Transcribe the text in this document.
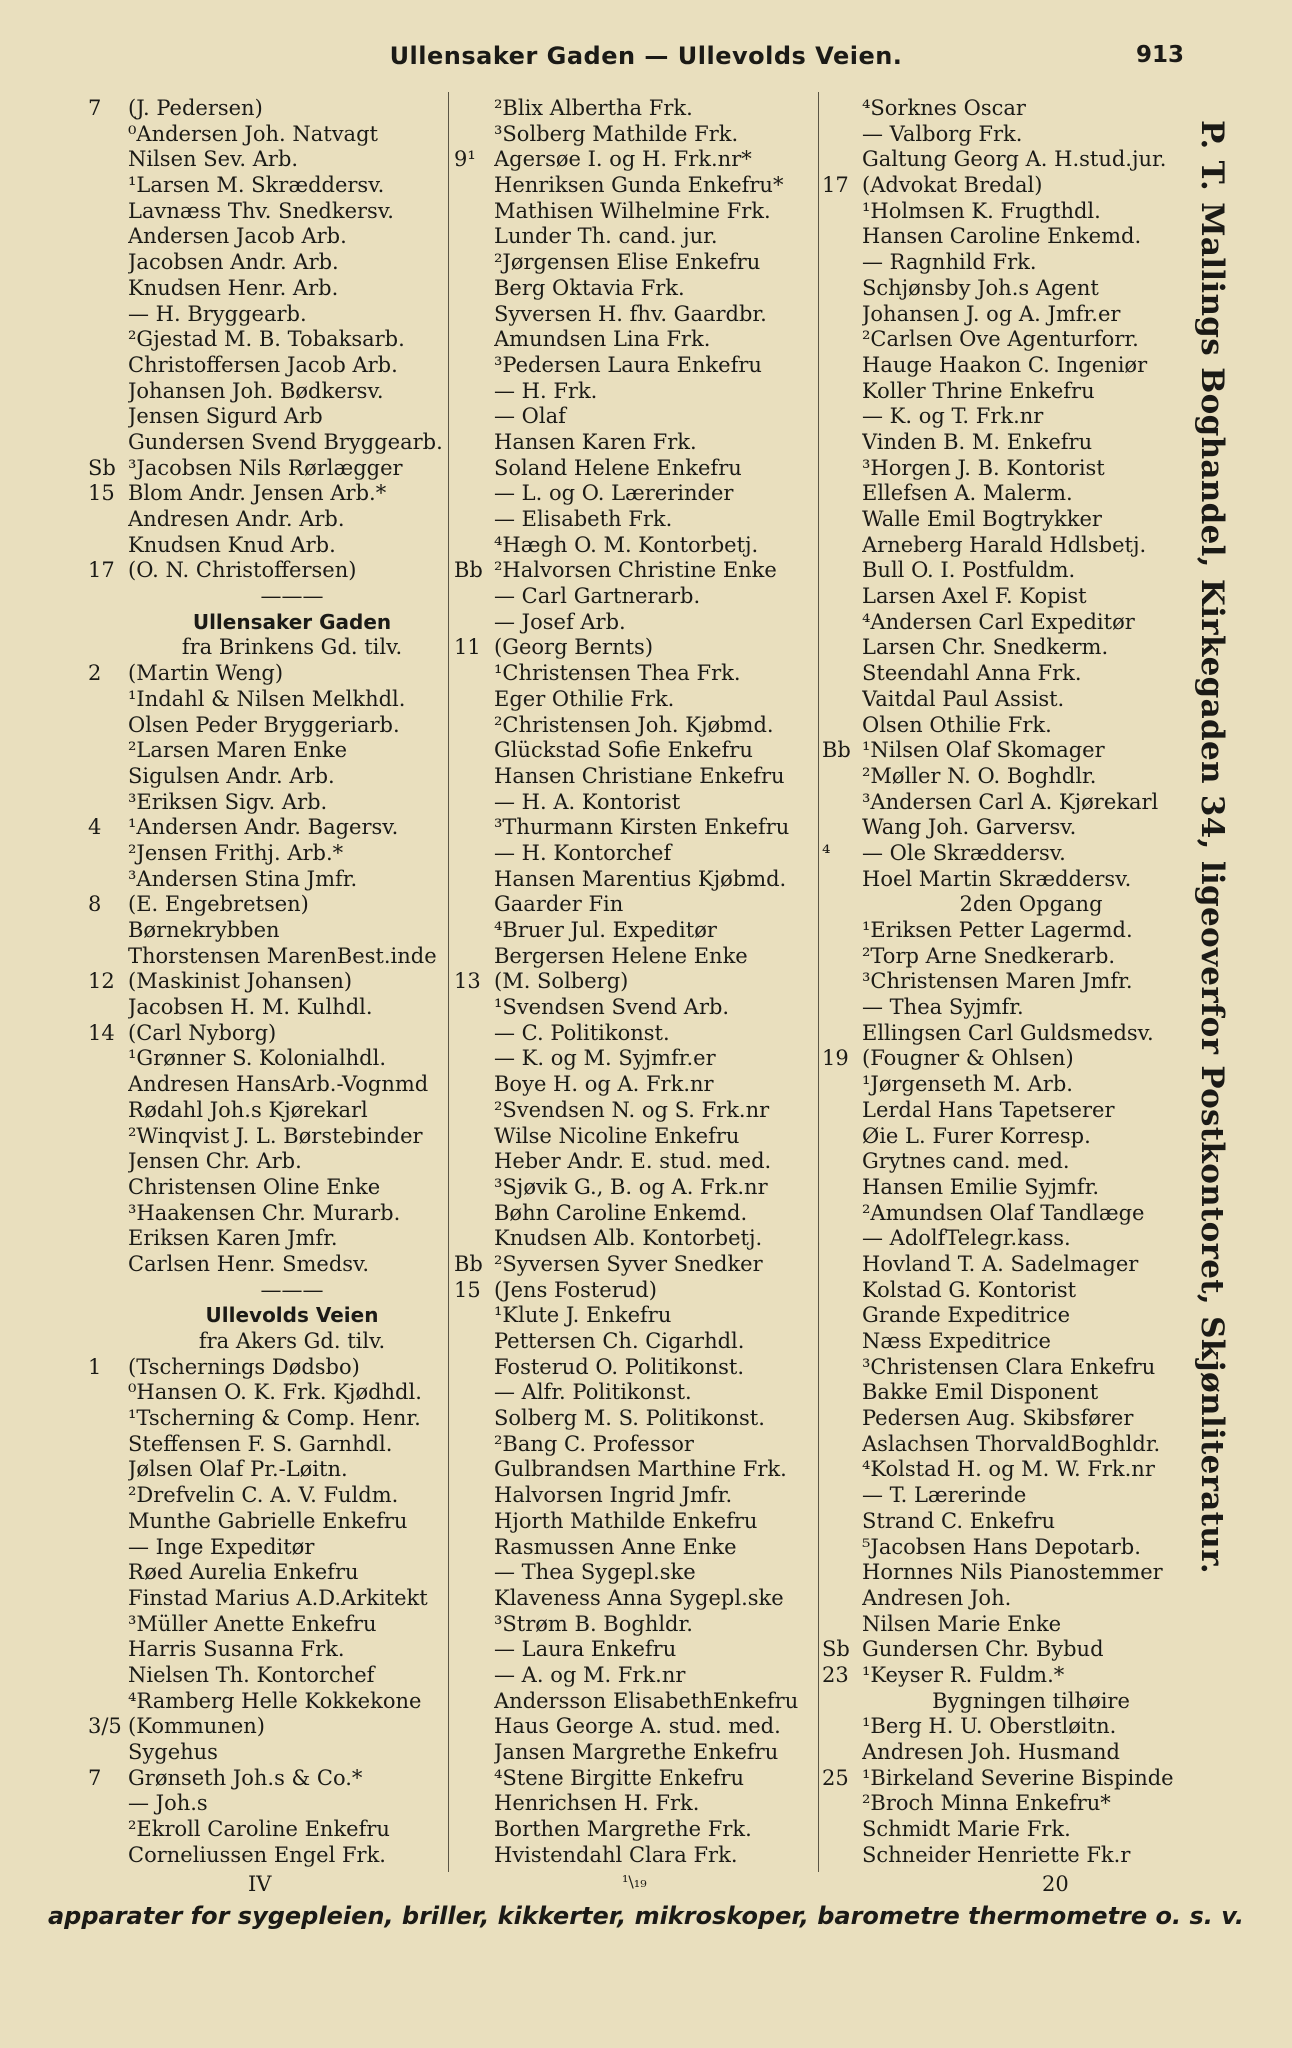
Ullensaker Gaden — Ullevolds Veien.	913
7	(J. Pedersen)
⁰Andersen Joh. Natvagt
Nilsen Sev. Arb.
¹Larsen M. Skræddersv.
Lavnæss Thv. Snedkersv.
Andersen Jacob Arb.
Jacobsen Andr. Arb.
Knudsen Henr. Arb.
— H. Bryggearb.
²Gjestad M. B. Tobaksarb.
Christoffersen Jacob Arb.
Johansen Joh. Bødkersv.
Jensen Sigurd Arb
Gundersen Svend Bryggearb.
Sb ³Jacobsen Nils Rørlægger
15 Blom Andr. Jensen Arb.*
Andresen Andr. Arb.
Knudsen Knud Arb.
17 (O. N. Christoffersen)
———
Ullensaker Gaden
fra Brinkens Gd. tilv.
2	(Martin Weng)
¹Indahl & Nilsen Melkhdl.
Olsen Peder Bryggeriarb.
²Larsen Maren Enke
Sigulsen Andr. Arb.
³Eriksen Sigv. Arb.
4	¹Andersen Andr. Bagersv.
²Jensen Frithj. Arb.*
³Andersen Stina Jmfr.
8	(E. Engebretsen)
Børnekrybben
Thorstensen MarenBest.inde
12 (Maskinist Johansen)
Jacobsen H. M. Kulhdl.
14 (Carl Nyborg)
¹Grønner S. Kolonialhdl.
Andresen HansArb.-Vognmd
Rødahl Joh.s Kjørekarl
²Winqvist J. L. Børstebinder
Jensen Chr. Arb.
Christensen Oline Enke
³Haakensen Chr. Murarb.
Eriksen Karen Jmfr.
Carlsen Henr. Smedsv.
———
Ullevolds Veien
fra Akers Gd. tilv.
1	(Tschernings Dødsbo)
⁰Hansen O. K. Frk. Kjødhdl.
¹Tscherning & Comp. Henr.
Steffensen F. S. Garnhdl.
Jølsen Olaf Pr.-Løitn.
²Drefvelin C. A. V. Fuldm.
Munthe Gabrielle Enkefru
— Inge Expeditør
Røed Aurelia Enkefru
Finstad Marius A.D.Arkitekt
³Müller Anette Enkefru
Harris Susanna Frk.
Nielsen Th. Kontorchef
⁴Ramberg Helle Kokkekone
3/5 (Kommunen)
Sygehus
7	Grønseth Joh.s & Co.*
— Joh.s
²Ekroll Caroline Enkefru
Corneliussen Engel Frk.
²Blix Albertha Frk.
³Solberg Mathilde Frk.
9¹ Agersøe I. og H. Frk.nr*
Henriksen Gunda Enkefru*
Mathisen Wilhelmine Frk.
Lunder Th. cand. jur.
²Jørgensen Elise Enkefru
Berg Oktavia Frk.
Syversen H. fhv. Gaardbr.
Amundsen Lina Frk.
³Pedersen Laura Enkefru
— H. Frk.
— Olaf
Hansen Karen Frk.
Soland Helene Enkefru
— L. og O. Lærerinder
— Elisabeth Frk.
⁴Hægh O. M. Kontorbetj.
Bb ²Halvorsen Christine Enke
— Carl Gartnerarb.
— Josef Arb.
11 (Georg Bernts)
¹Christensen Thea Frk.
Eger Othilie Frk.
²Christensen Joh. Kjøbmd.
Glückstad Sofie Enkefru
Hansen Christiane Enkefru
— H. A. Kontorist
³Thurmann Kirsten Enkefru
— H. Kontorchef
Hansen Marentius Kjøbmd.
Gaarder Fin
⁴Bruer Jul. Expeditør
Bergersen Helene Enke
13 (M. Solberg)
¹Svendsen Svend Arb.
— C. Politikonst.
— K. og M. Syjmfr.er
Boye H. og A. Frk.nr
²Svendsen N. og S. Frk.nr
Wilse Nicoline Enkefru
Heber Andr. E. stud. med.
³Sjøvik G., B. og A. Frk.nr
Bøhn Caroline Enkemd.
Knudsen Alb. Kontorbetj.
Bb ²Syversen Syver Snedker
15 (Jens Fosterud)
¹Klute J. Enkefru
Pettersen Ch. Cigarhdl.
Fosterud O. Politikonst.
— Alfr. Politikonst.
Solberg M. S. Politikonst.
²Bang C. Professor
Gulbrandsen Marthine Frk.
Halvorsen Ingrid Jmfr.
Hjorth Mathilde Enkefru
Rasmussen Anne Enke
— Thea Sygepl.ske
Klaveness Anna Sygepl.ske
³Strøm B. Boghldr.
— Laura Enkefru
— A. og M. Frk.nr
Andersson ElisabethEnkefru
Haus George A. stud. med.
Jansen Margrethe Enkefru
⁴Stene Birgitte Enkefru
Henrichsen H. Frk.
Borthen Margrethe Frk.
Hvistendahl Clara Frk.
⁴Sorknes Oscar
— Valborg Frk.
Galtung Georg A. H.stud.jur.
17 (Advokat Bredal)
¹Holmsen K. Frugthdl.
Hansen Caroline Enkemd.
— Ragnhild Frk.
Schjønsby Joh.s Agent
Johansen J. og A. Jmfr.er
²Carlsen Ove Agenturforr.
Hauge Haakon C. Ingeniør
Koller Thrine Enkefru
— K. og T. Frk.nr
Vinden B. M. Enkefru
³Horgen J. B. Kontorist
Ellefsen A. Malerm.
Walle Emil Bogtrykker
Arneberg Harald Hdlsbetj.
Bull O. I. Postfuldm.
Larsen Axel F. Kopist
⁴Andersen Carl Expeditør
Larsen Chr. Snedkerm.
Steendahl Anna Frk.
Vaitdal Paul Assist.
Olsen Othilie Frk.
Bb ¹Nilsen Olaf Skomager
²Møller N. O. Boghdlr.
³Andersen Carl A. Kjørekarl
Wang Joh. Garversv.
⁴	— Ole Skræddersv.
Hoel Martin Skræddersv.
2den Opgang
¹Eriksen Petter Lagermd.
²Torp Arne Snedkerarb.
³Christensen Maren Jmfr.
— Thea Syjmfr.
Ellingsen Carl Guldsmedsv.
19 (Fougner & Ohlsen)
¹Jørgenseth M. Arb.
Lerdal Hans Tapetserer
Øie L. Furer Korresp.
Grytnes cand. med.
Hansen Emilie Syjmfr.
²Amundsen Olaf Tandlæge
— AdolfTelegr.kass.
Hovland T. A. Sadelmager
Kolstad G. Kontorist
Grande Expeditrice
Næss Expeditrice
³Christensen Clara Enkefru
Bakke Emil Disponent
Pedersen Aug. Skibsfører
Aslachsen ThorvaldBoghldr.
⁴Kolstad H. og M. W. Frk.nr
— T. Lærerinde
Strand C. Enkefru
⁵Jacobsen Hans Depotarb.
Hornnes Nils Pianostemmer
Andresen Joh.
Nilsen Marie Enke
Sb Gundersen Chr. Bybud
23 ¹Keyser R. Fuldm.*
Bygningen tilhøire
¹Berg H. U. Oberstløitn.
Andresen Joh. Husmand
25 ¹Birkeland Severine Bispinde
²Broch Minna Enkefru*
Schmidt Marie Frk.
Schneider Henriette Fk.r
IV	¹\₁₉	20
P. T. Mallings Boghandel, Kirkegaden 34, ligeoverfor Postkontoret, Skjønliteratur.
apparater for sygepleien, briller, kikkerter, mikroskoper, barometre thermometre o. s. v.
